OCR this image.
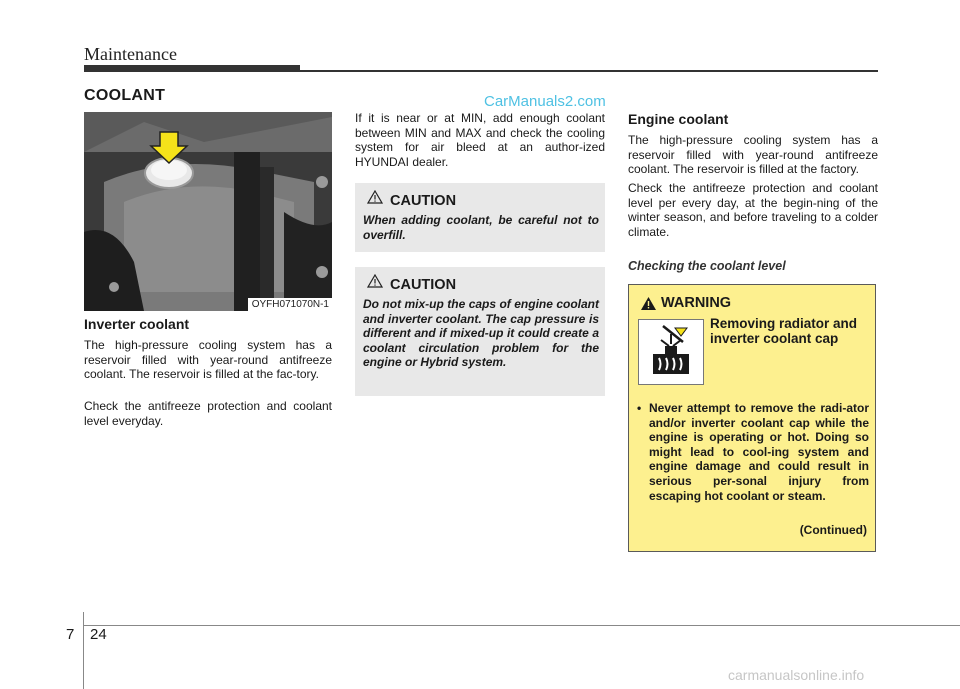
Maintenance
COOLANT	CarManuals2.com
OYFH071070N-1
Inverter coolant

The high-pressure cooling system has a reservoir filled with year-round antifreeze coolant. The reservoir is filled at the fac-tory.

Check the antifreeze protection and coolant level everyday.

If it is near or at MIN, add enough coolant between MIN and MAX and check the cooling system for air bleed at an author-ized HYUNDAI dealer.

CAUTION

When adding coolant, be careful not to overfill.

CAUTION

Do not mix-up the caps of engine coolant and inverter coolant. The cap pressure is different and if mixed-up it could create a coolant circulation problem for the engine or Hybrid system.

Engine coolant

The high-pressure cooling system has a reservoir filled with year-round antifreeze coolant. The reservoir is filled at the factory.

Check the antifreeze protection and coolant level per every day, at the begin-ning of the winter season, and before traveling to a colder climate.

Checking the coolant level
WARNING

Removing radiator and inverter coolant cap

• Never attempt to remove the radi-ator and/or inverter coolant cap while the engine is operating or hot. Doing so might lead to cool-ing system and engine damage and could result in serious per-sonal injury from escaping hot coolant or steam.
(Continued)
7 24
carmanualsonline.info
